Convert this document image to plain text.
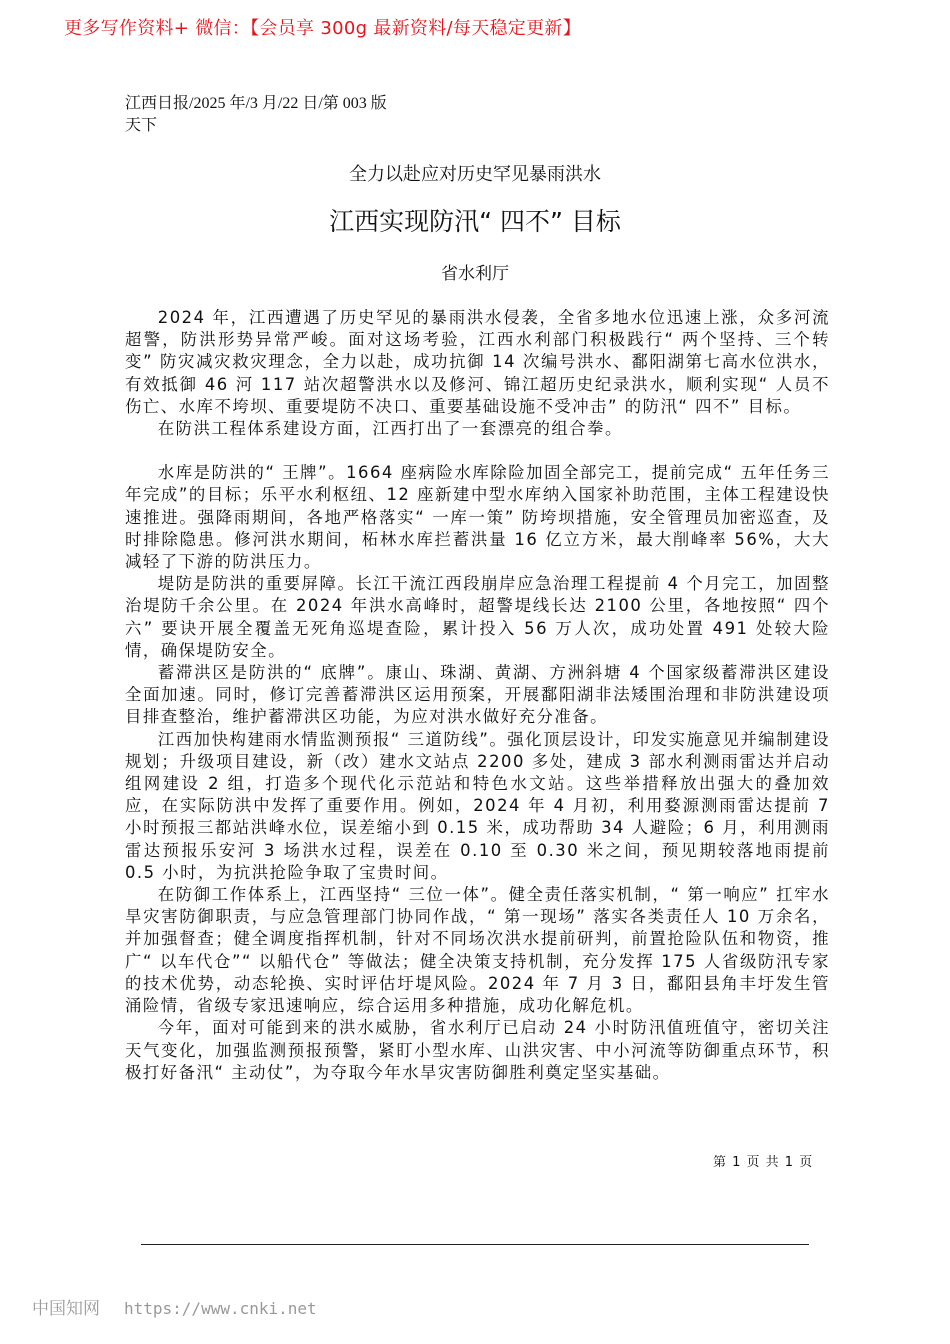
更多写作资料+ 微信：【会员享 300g 最新资料/每天稳定更新】
江西日报/2025 年/3 月/22 日/第 003 版天下
全力以赴应对历史罕见暴雨洪水
江西实现防汛“ 四不” 目标
省水利厅

2024 年，江西遭遇了历史罕见的暴雨洪水侵袭，全省多地水位迅速上涨，众多河流超警，防洪形势异常严峻。面对这场考验，江西水利部门积极践行“ 两个坚持、三个转变” 防灾减灾救灾理念，全力以赴，成功抗御 14 次编号洪水、鄱阳湖第七高水位洪水，有效抵御 46 河 117 站次超警洪水以及修河、锦江超历史纪录洪水，顺利实现“ 人员不伤亡、水库不垮坝、重要堤防不决口、重要基础设施不受冲击” 的防汛“ 四不” 目标。

在防洪工程体系建设方面，江西打出了一套漂亮的组合拳。

水库是防洪的“ 王牌”。1664 座病险水库除险加固全部完工，提前完成“ 五年任务三年完成”的目标；乐平水利枢纽、12 座新建中型水库纳入国家补助范围，主体工程建设快速推进。强降雨期间，各地严格落实“ 一库一策” 防垮坝措施，安全管理员加密巡查，及时排除隐患。修河洪水期间，柘林水库拦蓄洪量 16 亿立方米，最大削峰率 56%，大大减轻了下游的防洪压力。

堤防是防洪的重要屏障。长江干流江西段崩岸应急治理工程提前 4 个月完工，加固整治堤防千余公里。在 2024 年洪水高峰时，超警堤线长达 2100 公里，各地按照“ 四个六” 要诀开展全覆盖无死角巡堤查险，累计投入 56 万人次，成功处置 491 处较大险情，确保堤防安全。

蓄滞洪区是防洪的“ 底牌”。康山、珠湖、黄湖、方洲斜塘 4 个国家级蓄滞洪区建设全面加速。同时，修订完善蓄滞洪区运用预案，开展鄱阳湖非法矮围治理和非防洪建设项目排查整治，维护蓄滞洪区功能，为应对洪水做好充分准备。

江西加快构建雨水情监测预报“ 三道防线”。强化顶层设计，印发实施意见并编制建设规划；升级项目建设，新（改）建水文站点 2200 多处，建成 3 部水利测雨雷达并启动组网建设 2 组，打造多个现代化示范站和特色水文站。这些举措释放出强大的叠加效应，在实际防洪中发挥了重要作用。例如，2024 年 4 月初，利用婺源测雨雷达提前 7 小时预报三都站洪峰水位，误差缩小到 0.15 米，成功帮助 34 人避险；6 月，利用测雨雷达预报乐安河 3 场洪水过程，误差在 0.10 至 0.30 米之间，预见期较落地雨提前 0.5 小时，为抗洪抢险争取了宝贵时间。

在防御工作体系上，江西坚持“ 三位一体”。健全责任落实机制，“ 第一响应” 扛牢水旱灾害防御职责，与应急管理部门协同作战，“ 第一现场” 落实各类责任人 10 万余名，并加强督查；健全调度指挥机制，针对不同场次洪水提前研判，前置抢险队伍和物资，推广“ 以车代仓”“ 以船代仓” 等做法；健全决策支持机制，充分发挥 175 人省级防汛专家的技术优势，动态轮换、实时评估圩堤风险。2024 年 7 月 3 日，鄱阳县角丰圩发生管涌险情，省级专家迅速响应，综合运用多种措施，成功化解危机。

今年，面对可能到来的洪水威胁，省水利厅已启动 24 小时防汛值班值守，密切关注天气变化，加强监测预报预警，紧盯小型水库、山洪灾害、中小河流等防御重点环节，积极打好备汛“ 主动仗”，为夺取今年水旱灾害防御胜利奠定坚实基础。

第 1 页 共 1 页
中国知网 https://www.cnki.net
